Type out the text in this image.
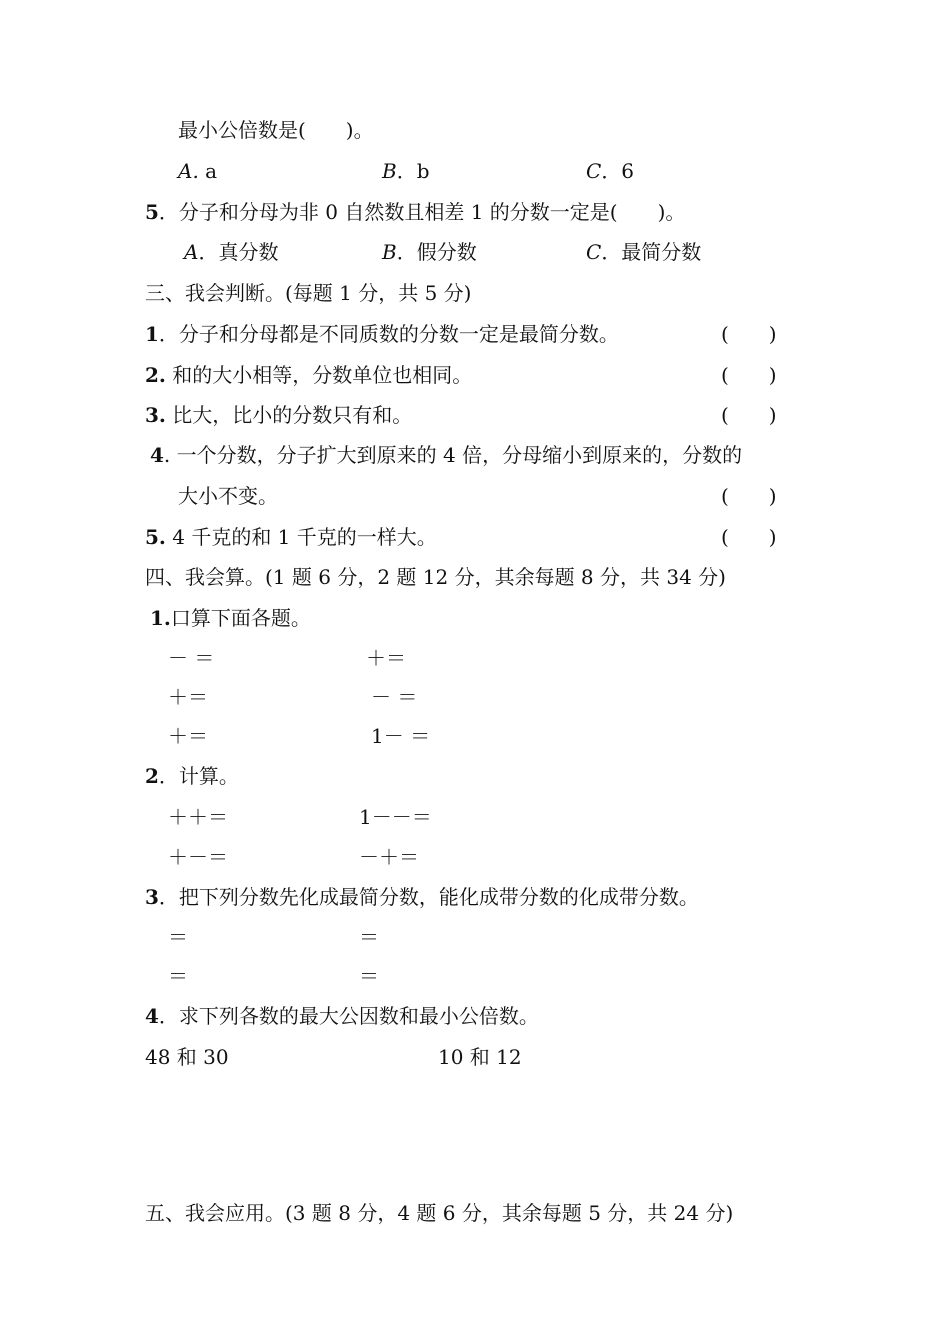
最小公倍数是(　　)。
A. a	B．b	C．6
5．分子和分母为非 0 自然数且相差 1 的分数一定是(　　)。
A．真分数	B．假分数	C．最简分数
三、我会判断。(每题 1 分，共 5 分)
1．分子和分母都是不同质数的分数一定是最简分数。	(　　)
2. 和的大小相等，分数单位也相同。	(　　)
3. 比大，比小的分数只有和。	(　　)
4. 一个分数，分子扩大到原来的 4 倍，分母缩小到原来的，分数的
大小不变。	(　　)
5. 4 千克的和 1 千克的一样大。	(　　)
四、我会算。(1 题 6 分，2 题 12 分，其余每题 8 分，共 34 分)
1.口算下面各题。
－ ＝	＋＝
＋＝	－ ＝
＋＝	1－ ＝
2．计算。
＋＋＝	1－－＝
＋－＝	－＋＝
3．把下列分数先化成最简分数，能化成带分数的化成带分数。
＝	＝
＝	＝
4．求下列各数的最大公因数和最小公倍数。
48 和 30	10 和 12
五、我会应用。(3 题 8 分，4 题 6 分，其余每题 5 分，共 24 分)
